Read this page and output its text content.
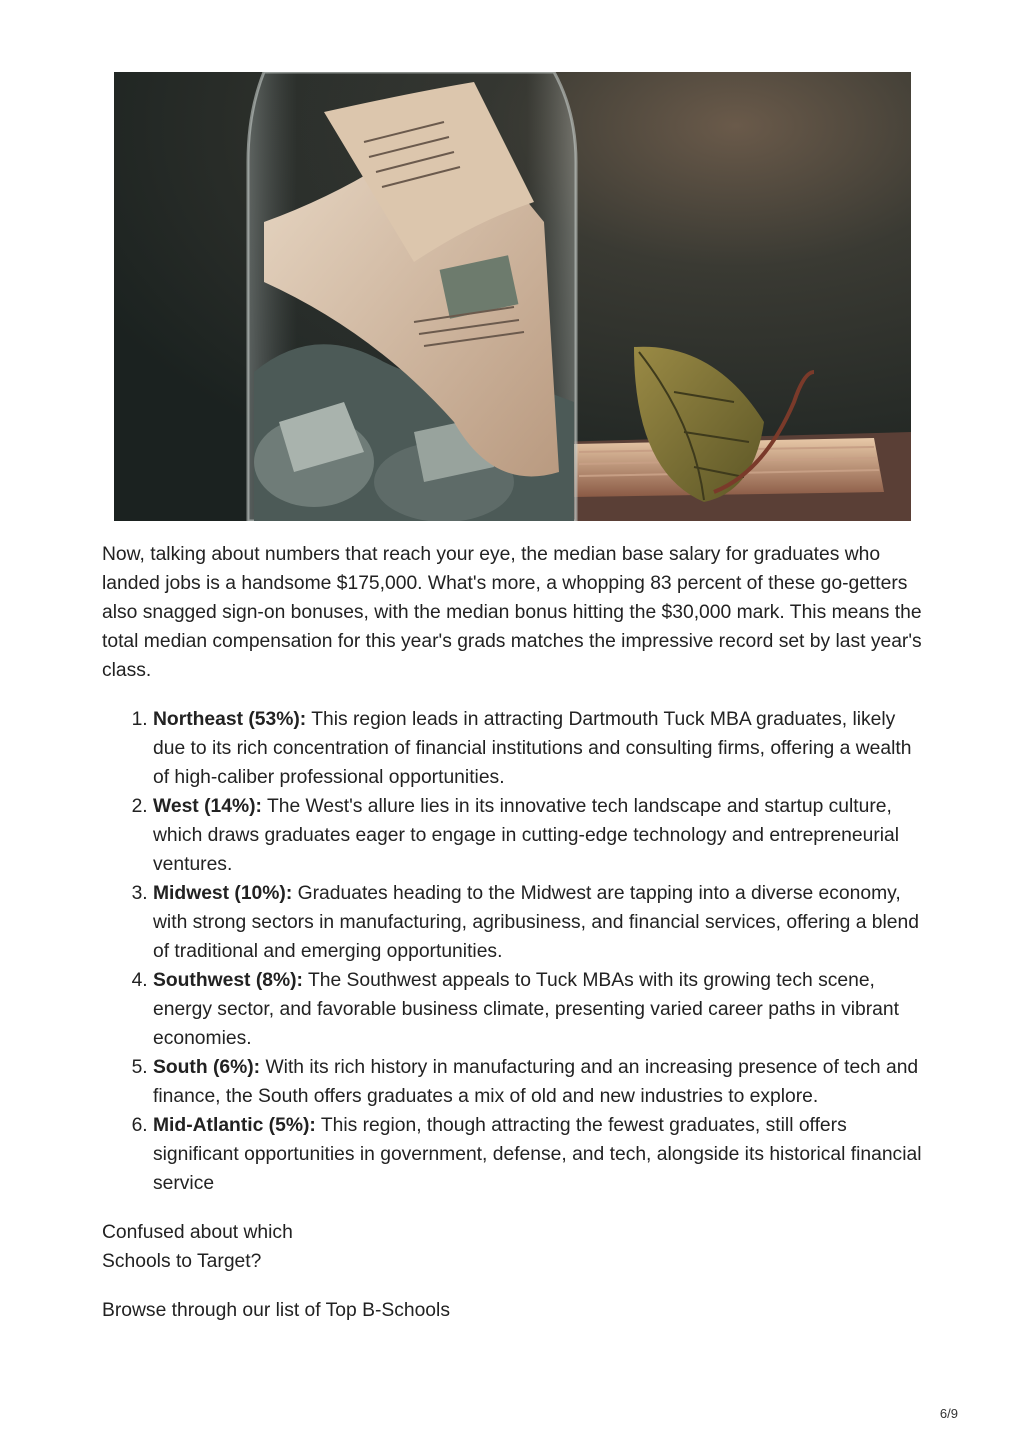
Now, talking about numbers that reach your eye, the median base salary for graduates who landed jobs is a handsome $175,000. What's more, a whopping 83 percent of these go-getters also snagged sign-on bonuses, with the median bonus hitting the $30,000 mark. This means the total median compensation for this year's grads matches the impressive record set by last year's class.

1. Northeast (53%): This region leads in attracting Dartmouth Tuck MBA graduates, likely due to its rich concentration of financial institutions and consulting firms, offering a wealth of high-caliber professional opportunities.
2. West (14%): The West's allure lies in its innovative tech landscape and startup culture, which draws graduates eager to engage in cutting-edge technology and entrepreneurial ventures.
3. Midwest (10%): Graduates heading to the Midwest are tapping into a diverse economy, with strong sectors in manufacturing, agribusiness, and financial services, offering a blend of traditional and emerging opportunities.
4. Southwest (8%): The Southwest appeals to Tuck MBAs with its growing tech scene, energy sector, and favorable business climate, presenting varied career paths in vibrant economies.
5. South (6%): With its rich history in manufacturing and an increasing presence of tech and finance, the South offers graduates a mix of old and new industries to explore.
6. Mid-Atlantic (5%): This region, though attracting the fewest graduates, still offers significant opportunities in government, defense, and tech, alongside its historical financial service

Confused about which
Schools to Target?

Browse through our list of Top B-Schools

6/9
